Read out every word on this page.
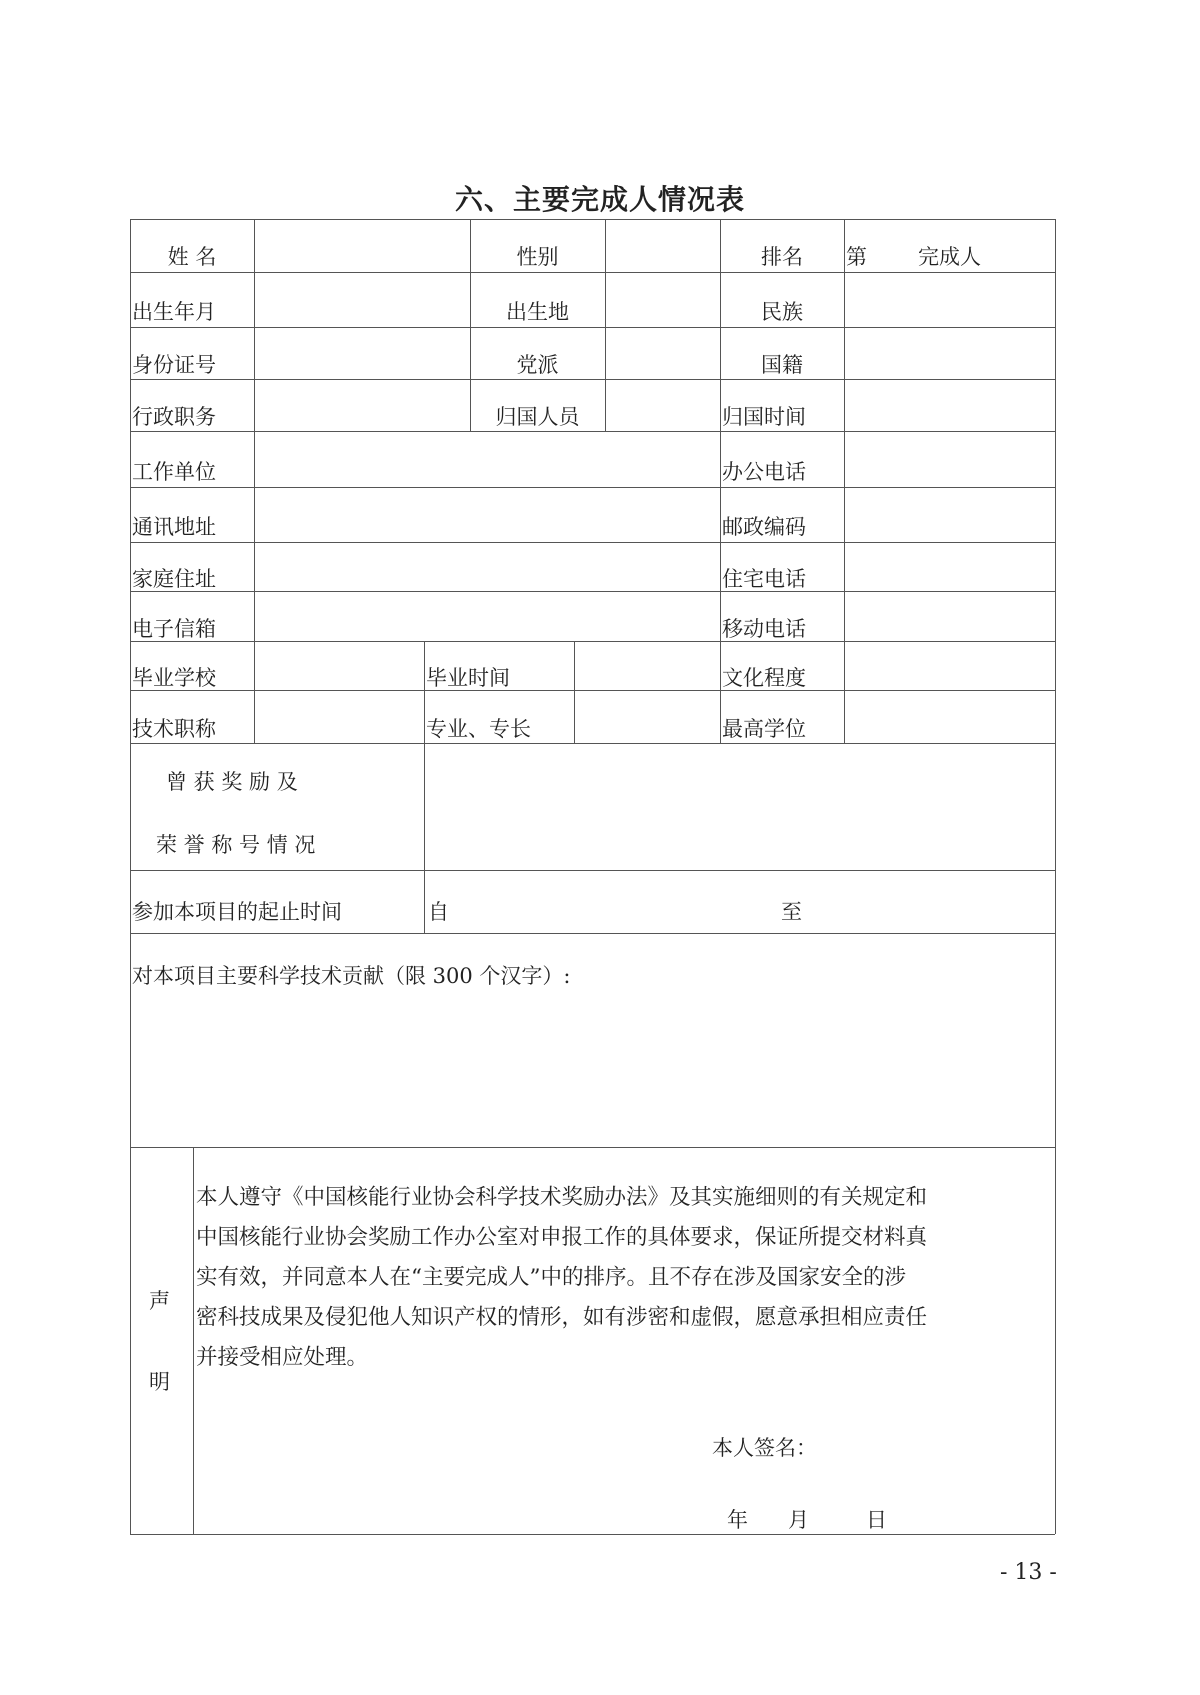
六、主要完成人情况表
姓 名	性别	排名	第 完成人
出生年月	出生地	民族
身份证号	党派	国籍
行政职务	归国人员	归国时间
工作单位	办公电话
通讯地址	邮政编码
家庭住址	住宅电话
电子信箱	移动电话
毕业学校	毕业时间	文化程度
技术职称	专业、专长	最高学位
曾 获 奖 励 及
荣 誉 称 号 情 况
参加本项目的起止时间	自	至
对本项目主要科学技术贡献（限 300 个汉字）:
声
明
本人遵守《中国核能行业协会科学技术奖励办法》及其实施细则的有关规定和
中国核能行业协会奖励工作办公室对申报工作的具体要求，保证所提交材料真
实有效，并同意本人在“主要完成人”中的排序。且不存在涉及国家安全的涉
密科技成果及侵犯他人知识产权的情形，如有涉密和虚假，愿意承担相应责任
并接受相应处理。
本人签名：
年 月	日
- 13 -
